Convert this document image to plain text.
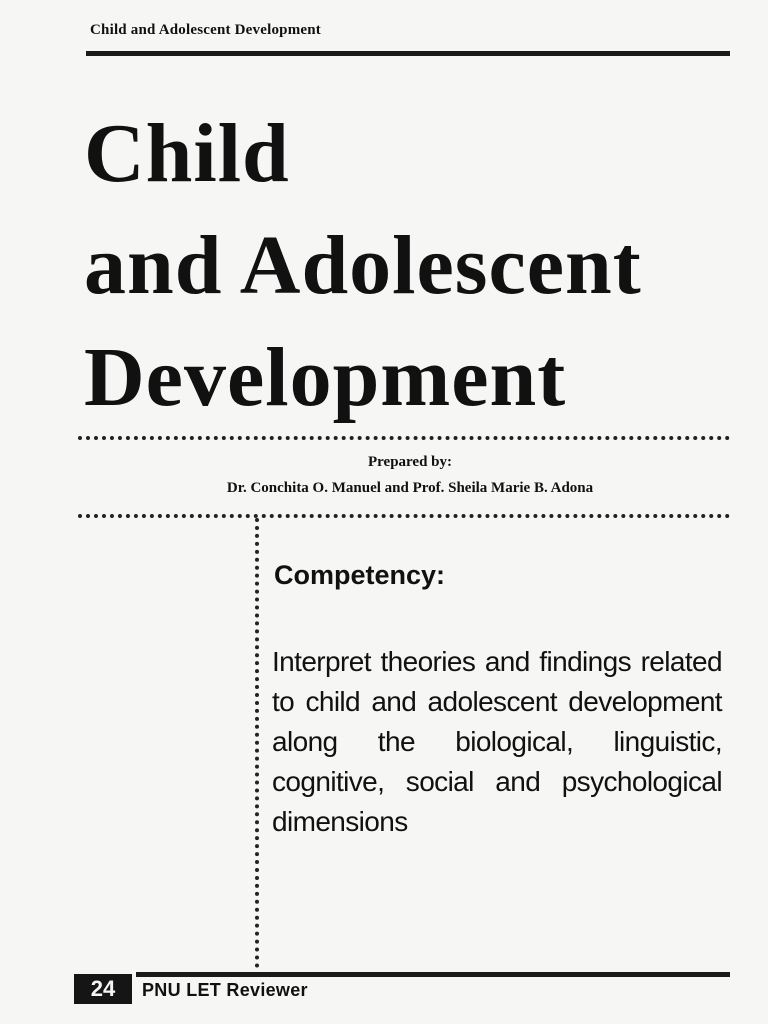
Child and Adolescent Development
Child
and Adolescent
Development
Prepared by:
Dr. Conchita O. Manuel and Prof. Sheila Marie B. Adona
Competency:
Interpret theories and findings related to child and adolescent development along the biological, linguistic, cognitive, social and psychological dimensions
24	PNU LET Reviewer
